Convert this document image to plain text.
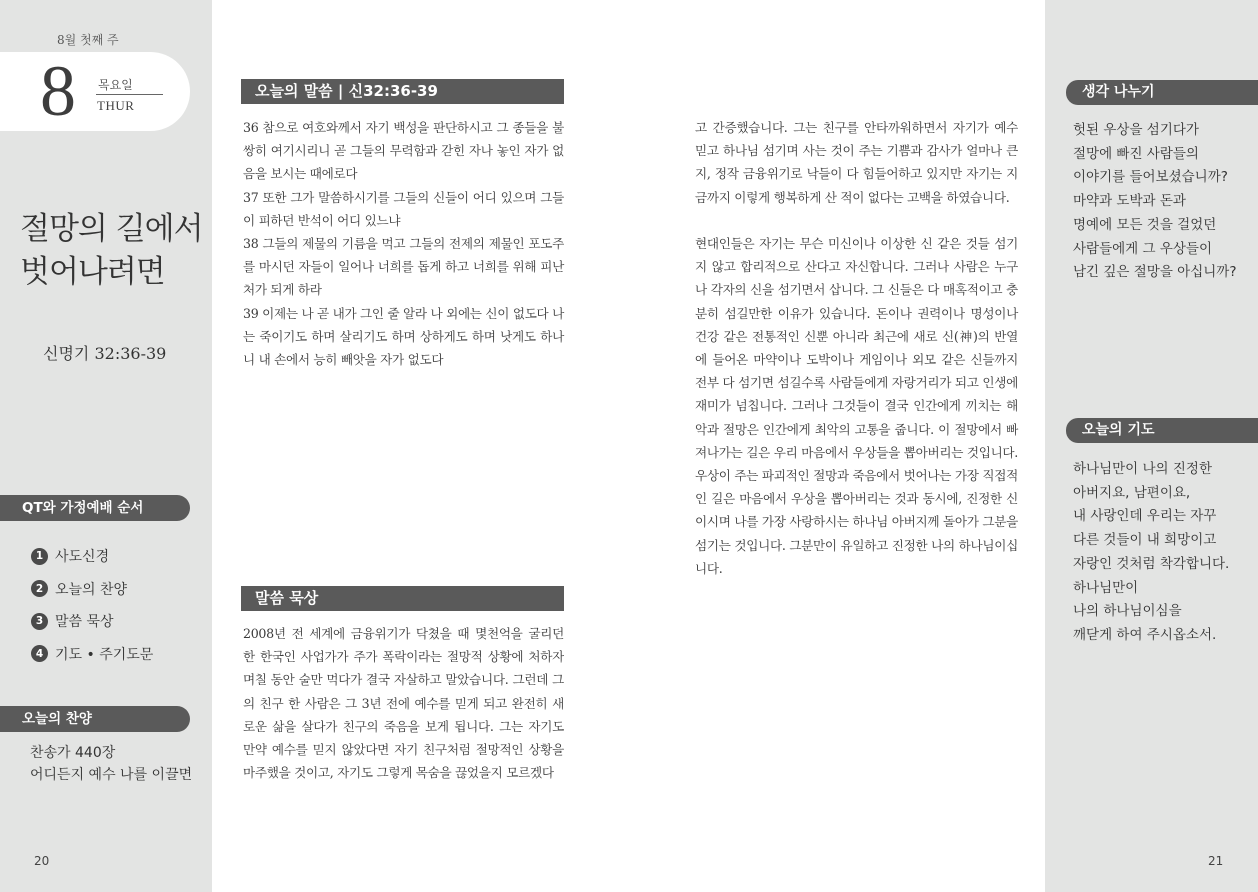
8월 첫째 주
8 목요일
THUR
절망의 길에서
벗어나려면
신명기 32:36-39
QT와 가정예배 순서
1 사도신경
2 오늘의 찬양
3 말씀 묵상
4 기도 • 주기도문
오늘의 찬양
찬송가 440장
어디든지 예수 나를 이끌면
20
오늘의 말씀 | 신32:36-39
36 참으로 여호와께서 자기 백성을 판단하시고 그 종들을 불쌍히 여기시리니 곧 그들의 무력함과 갇힌 자나 놓인 자가 없음을 보시는 때에로다
37 또한 그가 말씀하시기를 그들의 신들이 어디 있으며 그들이 피하던 반석이 어디 있느냐
38 그들의 제물의 기름을 먹고 그들의 전제의 제물인 포도주를 마시던 자들이 일어나 너희를 돕게 하고 너희를 위해 피난처가 되게 하라
39 이제는 나 곧 내가 그인 줄 알라 나 외에는 신이 없도다 나는 죽이기도 하며 살리기도 하며 상하게도 하며 낫게도 하나니 내 손에서 능히 빼앗을 자가 없도다
말씀 묵상

2008년 전 세계에 금융위기가 닥쳤을 때 몇천억을 굴리던 한 한국인 사업가가 주가 폭락이라는 절망적 상황에 처하자 며칠 동안 술만 먹다가 결국 자살하고 말았습니다. 그런데 그의 친구 한 사람은 그 3년 전에 예수를 믿게 되고 완전히 새로운 삶을 살다가 친구의 죽음을 보게 됩니다. 그는 자기도 만약 예수를 믿지 않았다면 자기 친구처럼 절망적인 상황을 마주했을 것이고, 자기도 그렇게 목숨을 끊었을지 모르겠다

고 간증했습니다. 그는 친구를 안타까워하면서 자기가 예수 믿고 하나님 섬기며 사는 것이 주는 기쁨과 감사가 얼마나 큰지, 정작 금융위기로 낙들이 다 힘들어하고 있지만 자기는 지금까지 이렇게 행복하게 산 적이 없다는 고백을 하였습니다.

현대인들은 자기는 무슨 미신이나 이상한 신 같은 것들 섬기지 않고 합리적으로 산다고 자신합니다. 그러나 사람은 누구나 각자의 신을 섬기면서 삽니다. 그 신들은 다 매혹적이고 충분히 섬길만한 이유가 있습니다. 돈이나 권력이나 명성이나 건강 같은 전통적인 신뿐 아니라 최근에 새로 신(神)의 반열에 들어온 마약이나 도박이나 게임이나 외모 같은 신들까지 전부 다 섬기면 섬길수록 사람들에게 자랑거리가 되고 인생에 재미가 넘칩니다. 그러나 그것들이 결국 인간에게 끼치는 해악과 절망은 인간에게 최악의 고통을 줍니다. 이 절망에서 빠져나가는 길은 우리 마음에서 우상들을 뽑아버리는 것입니다. 우상이 주는 파괴적인 절망과 죽음에서 벗어나는 가장 직접적인 길은 마음에서 우상을 뽑아버리는 것과 동시에, 진정한 신이시며 나를 가장 사랑하시는 하나님 아버지께 돌아가 그분을 섬기는 것입니다. 그분만이 유일하고 진정한 나의 하나님이십니다.

생각 나누기
헛된 우상을 섬기다가
절망에 빠진 사람들의
이야기를 들어보셨습니까?
마약과 도박과 돈과
명예에 모든 것을 걸었던
사람들에게 그 우상들이
남긴 깊은 절망을 아십니까?
오늘의 기도
하나님만이 나의 진정한
아버지요, 남편이요,
내 사랑인데 우리는 자꾸
다른 것들이 내 희망이고
자랑인 것처럼 착각합니다.
하나님만이
나의 하나님이심을
깨닫게 하여 주시옵소서.
21
